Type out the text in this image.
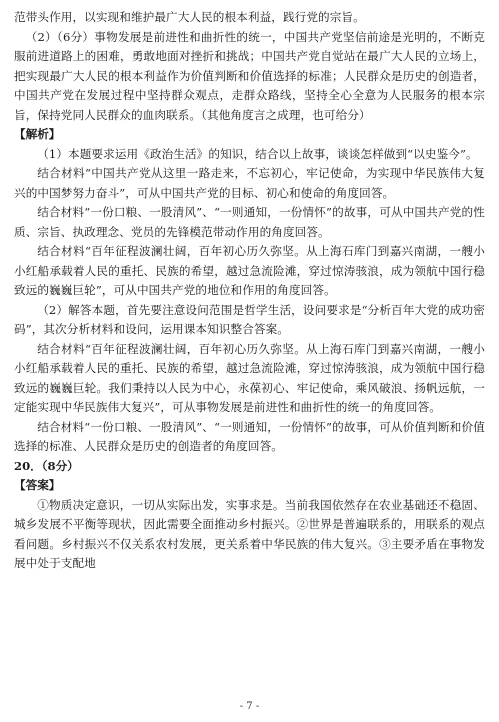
范带头作用，以实现和维护最广大人民的根本利益，践行党的宗旨。

（2）（6分）事物发展是前进性和曲折性的统一，中国共产党坚信前途是光明的，不断克服前进道路上的困难，勇敢地面对挫折和挑战；中国共产党自觉站在最广大人民的立场上，把实现最广大人民的根本利益作为价值判断和价值选择的标准；人民群众是历史的创造者，中国共产党在发展过程中坚持群众观点，走群众路线，坚持全心全意为人民服务的根本宗旨，保持党同人民群众的血肉联系。（其他角度言之成理，也可给分）

【解析】

（1）本题要求运用《政治生活》的知识，结合以上故事，谈谈怎样做到“以史鉴今”。

结合材料“中国共产党从这里一路走来，不忘初心，牢记使命，为实现中华民族伟大复兴的中国梦努力奋斗”，可从中国共产党的目标、初心和使命的角度回答。

结合材料“一份口粮、一股清风”、“一则通知，一份情怀”的故事，可从中国共产党的性质、宗旨、执政理念、党员的先锋模范带动作用的角度回答。

结合材料“百年征程波澜壮阔，百年初心历久弥坚。从上海石库门到嘉兴南湖，一艘小小红船承载着人民的重托、民族的希望，越过急流险滩，穿过惊涛骇浪，成为领航中国行稳致远的巍巍巨轮”，可从中国共产党的地位和作用的角度回答。

（2）解答本题，首先要注意设问范围是哲学生活，设问要求是“分析百年大党的成功密码”，其次分析材料和设问，运用课本知识整合答案。

结合材料“百年征程波澜壮阔，百年初心历久弥坚。从上海石库门到嘉兴南湖，一艘小小红船承载着人民的重托、民族的希望，越过急流险滩，穿过惊涛骇浪，成为领航中国行稳致远的巍巍巨轮。我们秉持以人民为中心，永葆初心、牢记使命，乘风破浪、扬帆远航，一定能实现中华民族伟大复兴”，可从事物发展是前进性和曲折性的统一的角度回答。

结合材料“一份口粮、一股清风”、“一则通知，一份情怀”的故事，可从价值判断和价值选择的标准、人民群众是历史的创造者的角度回答。

20．（8分）

【答案】

①物质决定意识，一切从实际出发，实事求是。当前我国依然存在农业基础还不稳固、城乡发展不平衡等现状，因此需要全面推动乡村振兴。②世界是普遍联系的，用联系的观点看问题。乡村振兴不仅关系农村发展，更关系着中华民族的伟大复兴。③主要矛盾在事物发展中处于支配地

- 7 -
